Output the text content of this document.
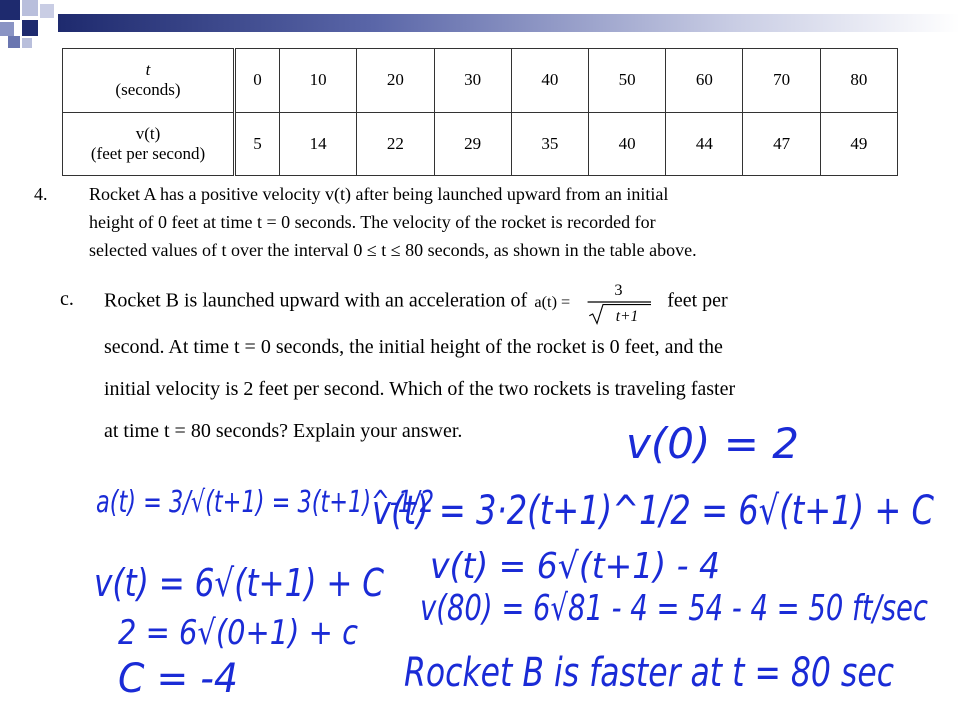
t
(seconds)	0	10	20	30	40	50	60	70	80
v(t)
(feet per second)	5	14	22	29	35	40	44	47	49
4. Rocket A has a positive velocity v(t) after being launched upward from an initial
height of 0 feet at time t = 0 seconds. The velocity of the rocket is recorded for
selected values of t over the interval 0 ≤ t ≤ 80 seconds, as shown in the table above.
c. Rocket B is launched upward with an acceleration of a(t) =
3
t+1
feet per
second. At time t = 0 seconds, the initial height of the rocket is 0 feet, and the
initial velocity is 2 feet per second. Which of the two rockets is traveling faster
at time t = 80 seconds? Explain your answer.	v(0) = 2
a(t) = 3/√(t+1) = 3(t+1)^-1/2
v(t) = 3·2(t+1)^1/2 = 6√(t+1) + C
v(t) = 6√(t+1) + C v(t) = 6√(t+1) - 4
2 = 6√(0+1) + c
v(80) = 6√81 - 4 = 54 - 4 = 50 ft/sec
C = -4	Rocket B is faster at t = 80 sec
